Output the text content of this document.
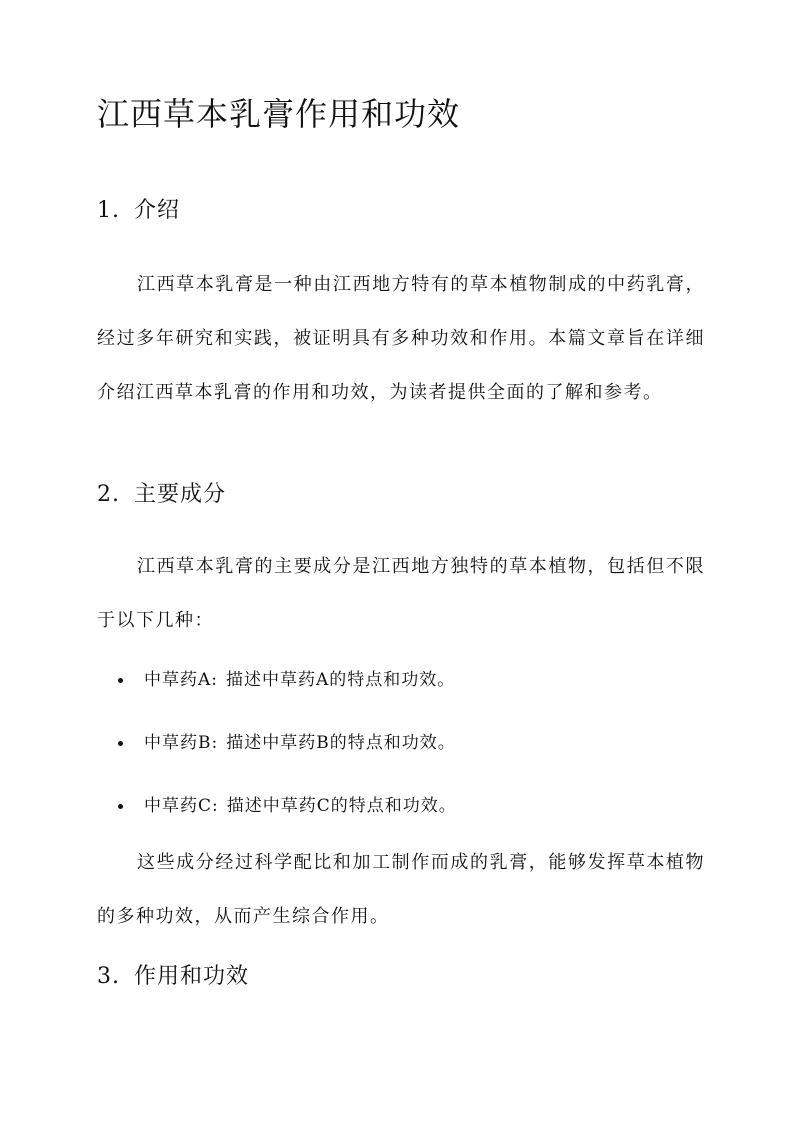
江西草本乳膏作用和功效
1. 介绍

江西草本乳膏是一种由江西地方特有的草本植物制成的中药乳膏，经过多年研究和实践，被证明具有多种功效和作用。本篇文章旨在详细介绍江西草本乳膏的作用和功效，为读者提供全面的了解和参考。

2. 主要成分

江西草本乳膏的主要成分是江西地方独特的草本植物，包括但不限于以下几种：

中草药A: 描述中草药A的特点和功效。
中草药B: 描述中草药B的特点和功效。
中草药C: 描述中草药C的特点和功效。

这些成分经过科学配比和加工制作而成的乳膏，能够发挥草本植物的多种功效，从而产生综合作用。

3. 作用和功效
